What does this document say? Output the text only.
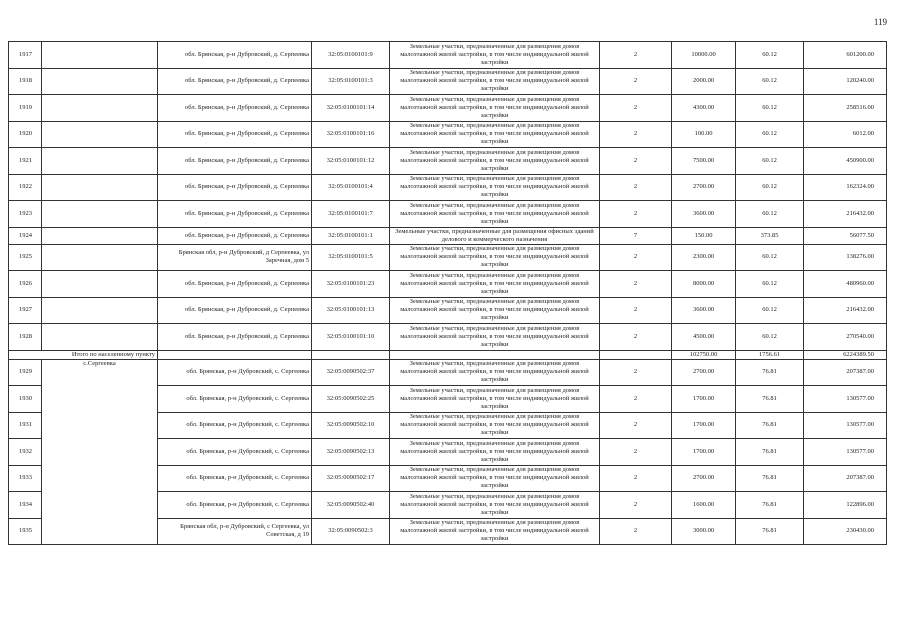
119
1917		обл. Брянская, р-н Дубровский, д. Серпеевка	32:05:0100101:9	Земельные участки, предназначенные для размещения домов малоэтажной жилой застройки, в том числе индивидуальной жилой застройки	2	10000.00	60.12	601200.00
1918		обл. Брянская, р-н Дубровский, д. Серпеевка	32:05:0100101:3	Земельные участки, предназначенные для размещения домов малоэтажной жилой застройки, в том числе индивидуальной жилой застройки	2	2000.00	60.12	120240.00
1919		обл. Брянская, р-н Дубровский, д. Серпеевка	32:05:0100101:14	Земельные участки, предназначенные для размещения домов малоэтажной жилой застройки, в том числе индивидуальной жилой застройки	2	4300.00	60.12	258516.00
1920		обл. Брянская, р-н Дубровский, д. Серпеевка	32:05:0100101:16	Земельные участки, предназначенные для размещения домов малоэтажной жилой застройки, в том числе индивидуальной жилой застройки	2	100.00	60.12	6012.00
1921		обл. Брянская, р-н Дубровский, д. Серпеевка	32:05:0100101:12	Земельные участки, предназначенные для размещения домов малоэтажной жилой застройки, в том числе индивидуальной жилой застройки	2	7500.00	60.12	450900.00
1922		обл. Брянская, р-н Дубровский, д. Серпеевка	32:05:0100101:4	Земельные участки, предназначенные для размещения домов малоэтажной жилой застройки, в том числе индивидуальной жилой застройки	2	2700.00	60.12	162324.00
1923		обл. Брянская, р-н Дубровский, д. Серпеевка	32:05:0100101:7	Земельные участки, предназначенные для размещения домов малоэтажной жилой застройки, в том числе индивидуальной жилой застройки	2	3600.00	60.12	216432.00
1924		обл. Брянская, р-н Дубровский, д. Серпеевка	32:05:0100101:1	Земельные участки, предназначенные для размещения офисных зданий делового и коммерческого назначения	7	150.00	373.85	56077.50
1925		Брянская обл, р-н Дубровский, д Серпеевка, ул Заречная, дом 5	32:05:0100101:5	Земельные участки, предназначенные для размещения домов малоэтажной жилой застройки, в том числе индивидуальной жилой застройки	2	2300.00	60.12	138276.00
1926		обл. Брянская, р-н Дубровский, д. Серпеевка	32:05:0100101:23	Земельные участки, предназначенные для размещения домов малоэтажной жилой застройки, в том числе индивидуальной жилой застройки	2	8000.00	60.12	480960.00
1927		обл. Брянская, р-н Дубровский, д. Серпеевка	32:05:0100101:13	Земельные участки, предназначенные для размещения домов малоэтажной жилой застройки, в том числе индивидуальной жилой застройки	2	3600.00	60.12	216432.00
1928		обл. Брянская, р-н Дубровский, д. Серпеевка	32:05:0100101:10	Земельные участки, предназначенные для размещения домов малоэтажной жилой застройки, в том числе индивидуальной жилой застройки	2	4500.00	60.12	270540.00
Итого по населенному пункту						102750.00	1756.61	6224389.50
1929	с.Сергеевка	обл. Брянская, р-н Дубровский, с. Сергеевка	32:05:0090502:37	Земельные участки, предназначенные для размещения домов малоэтажной жилой застройки, в том числе индивидуальной жилой застройки	2	2700.00	76.81	207387.00
1930		обл. Брянская, р-н Дубровский, с. Сергеевка	32:05:0090502:25	Земельные участки, предназначенные для размещения домов малоэтажной жилой застройки, в том числе индивидуальной жилой застройки	2	1700.00	76.81	130577.00
1931		обл. Брянская, р-н Дубровский, с. Сергеевка	32:05:0090502:10	Земельные участки, предназначенные для размещения домов малоэтажной жилой застройки, в том числе индивидуальной жилой застройки	2	1700.00	76.81	130577.00
1932		обл. Брянская, р-н Дубровский, с. Сергеевка	32:05:0090502:13	Земельные участки, предназначенные для размещения домов малоэтажной жилой застройки, в том числе индивидуальной жилой застройки	2	1700.00	76.81	130577.00
1933		обл. Брянская, р-н Дубровский, с. Сергеевка	32:05:0090502:17	Земельные участки, предназначенные для размещения домов малоэтажной жилой застройки, в том числе индивидуальной жилой застройки	2	2700.00	76.81	207387.00
1934		обл. Брянская, р-н Дубровский, с. Сергеевка	32:05:0090502:40	Земельные участки, предназначенные для размещения домов малоэтажной жилой застройки, в том числе индивидуальной жилой застройки	2	1600.00	76.81	122896.00
1935		Брянская обл, р-н Дубровский, с Сергеевка, ул Советская, д 19	32:05:0090502:3	Земельные участки, предназначенные для размещения домов малоэтажной жилой застройки, в том числе индивидуальной жилой застройки	2	3000.00	76.81	230430.00
